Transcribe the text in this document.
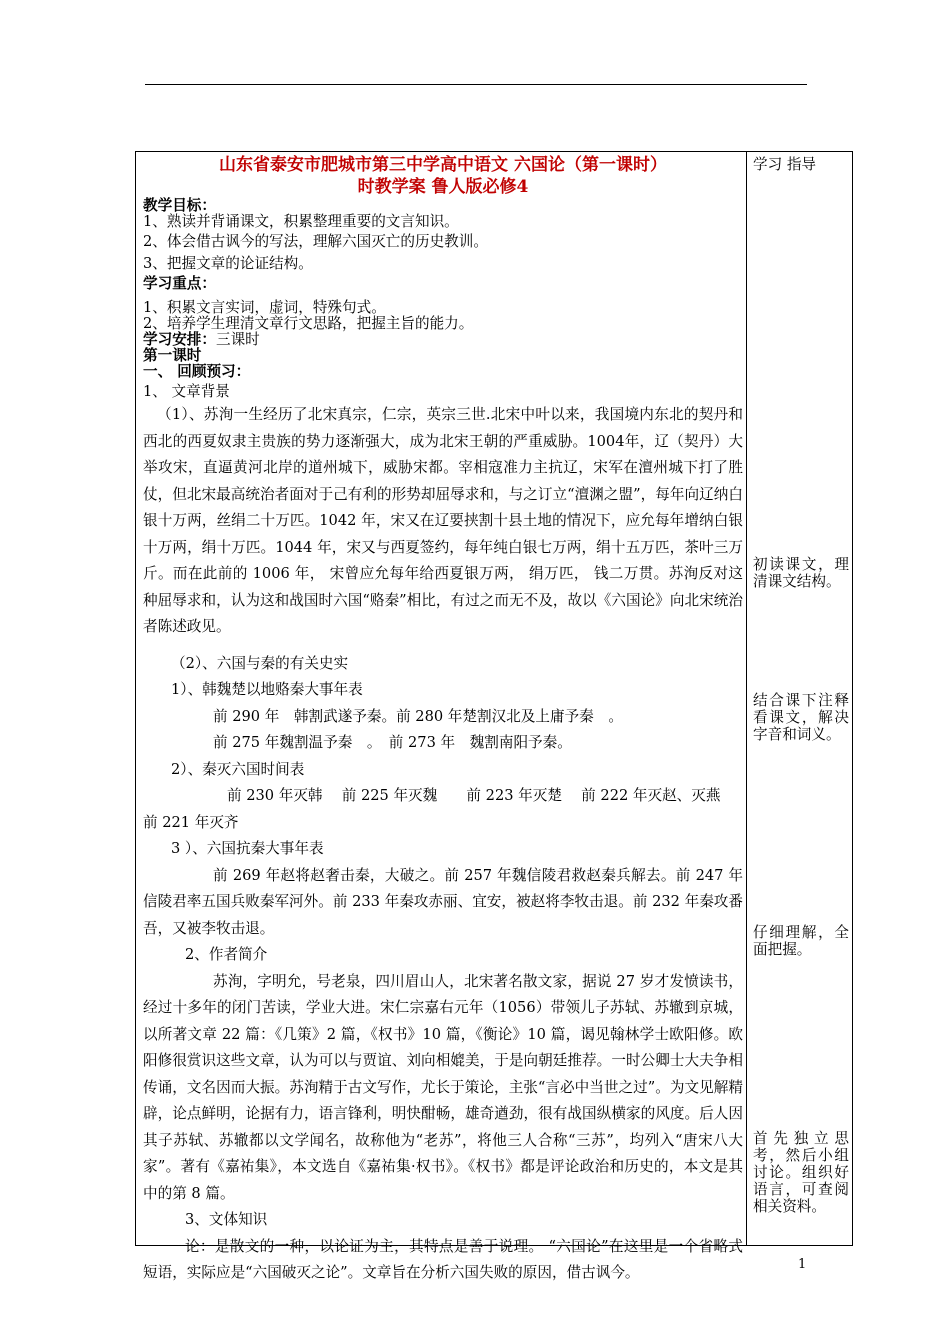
山东省泰安市肥城市第三中学高中语文 六国论（第一课时）
时教学案 鲁人版必修4
教学目标：
1、熟读并背诵课文，积累整理重要的文言知识。
2、体会借古讽今的写法，理解六国灭亡的历史教训。
3、把握文章的论证结构。
学习重点：
1、积累文言实词，虚词，特殊句式。
2、培养学生理清文章行文思路，把握主旨的能力。
学习安排：三课时
第一课时
一、 回顾预习：
1、 文章背景
（1）、苏洵一生经历了北宋真宗，仁宗，英宗三世.北宋中叶以来，我国境内东北的契丹和西北的西夏奴隶主贵族的势力逐渐强大，成为北宋王朝的严重威胁。1004年，辽（契丹）大举攻宋，直逼黄河北岸的道州城下，威胁宋都。宰相寇准力主抗辽，宋军在澶州城下打了胜仗，但北宋最高统治者面对于己有利的形势却屈辱求和，与之订立“澶渊之盟”，每年向辽纳白银十万两，丝绢二十万匹。1042 年，宋又在辽要挟割十县土地的情况下，应允每年增纳白银十万两，绢十万匹。1044 年，宋又与西夏签约，每年纯白银七万两，绢十五万匹，茶叶三万斤。而在此前的 1006 年， 宋曾应允每年给西夏银万两， 绢万匹， 钱二万贯。苏洵反对这种屈辱求和，认为这和战国时六国“赂秦”相比，有过之而无不及，故以《六国论》向北宋统治者陈述政见。
（2）、六国与秦的有关史实
1）、韩魏楚以地赂秦大事年表
前 290 年　韩割武遂予秦。前 280 年楚割汉北及上庸予秦　。
前 275 年魏割温予秦　。　前 273 年　魏割南阳予秦。
2）、秦灭六国时间表
前 230 年灭韩　 前 225 年灭魏　　前 223 年灭楚　 前 222 年灭赵、灭燕
前 221 年灭齐
3 ）、六国抗秦大事年表
前 269 年赵将赵奢击秦，大破之。前 257 年魏信陵君救赵秦兵解去。前 247 年信陵君率五国兵败秦军河外。前 233 年秦攻赤丽、宜安，被赵将李牧击退。前 232 年秦攻番吾，又被李牧击退。
2、作者简介
苏洵，字明允，号老泉，四川眉山人，北宋著名散文家，据说 27 岁才发愤读书，经过十多年的闭门苦读，学业大进。宋仁宗嘉右元年（1056）带领儿子苏轼、苏辙到京城，以所著文章 22 篇：《几策》2 篇，《权书》10 篇，《衡论》10 篇，谒见翰林学士欧阳修。欧阳修很赏识这些文章，认为可以与贾谊、刘向相媲美，于是向朝廷推荐。一时公卿士大夫争相传诵，文名因而大振。苏洵精于古文写作，尤长于策论，主张“言必中当世之过”。为文见解精辟，论点鲜明，论据有力，语言锋利，明快酣畅，雄奇遒劲，很有战国纵横家的风度。后人因其子苏轼、苏辙都以文学闻名，故称他为“老苏”，将他三人合称“三苏”，均列入“唐宋八大家”。著有《嘉祐集》，本文选自《嘉祐集·权书》。《权书》都是评论政治和历史的，本文是其中的第 8 篇。
3、文体知识
论：是散文的一种，以论证为主，其特点是善于说理。 “六国论”在这里是一个省略式短语，实际应是“六国破灭之论”。文章旨在分析六国失败的原因，借古讽今。
学习 指导
初读课文，理清课文结构。
结合课下注释看课文，解决字音和词义。
仔细理解，全面把握。
首先独立思考，然后小组讨论。组织好语言，可查阅相关资料。
1
